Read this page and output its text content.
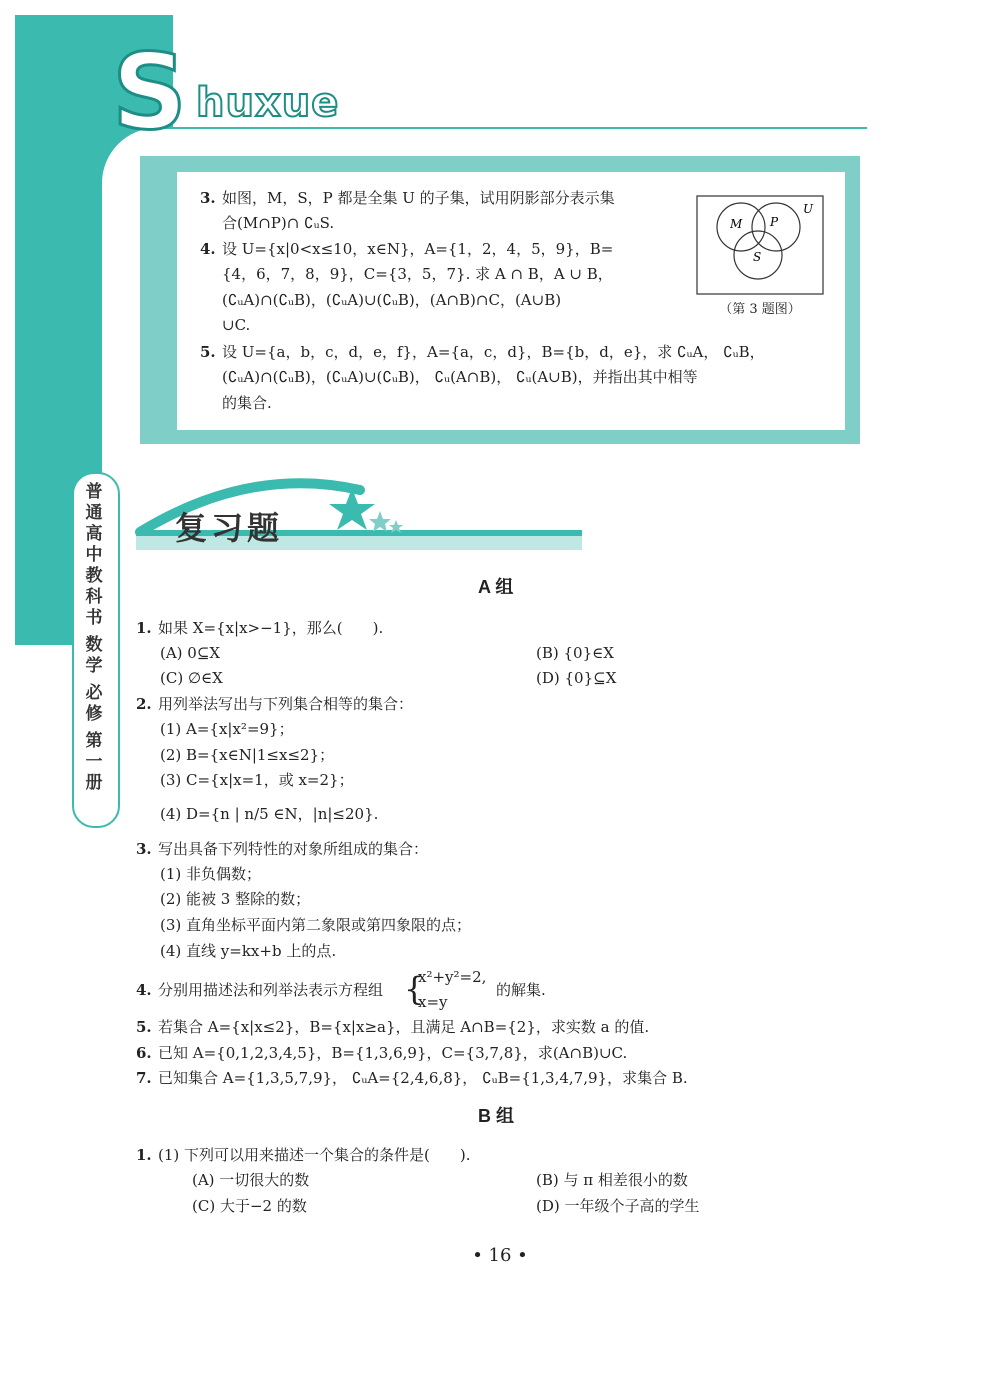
S huxue
3. 如图，M，S，P 都是全集 U 的子集，试用阴影部分表示集
合(M∩P)∩ ∁ᵤS.
4. 设 U={x|0<x≤10，x∈N}，A={1，2，4，5，9}，B=
{4，6，7，8，9}，C={3，5，7}. 求 A ∩ B，A ∪ B，
(∁ᵤA)∩(∁ᵤB)，(∁ᵤA)∪(∁ᵤB)，(A∩B)∩C，(A∪B)
∪C.
5. 设 U={a，b，c，d，e，f}，A={a，c，d}，B={b，d，e}，求 ∁ᵤA， ∁ᵤB，
(∁ᵤA)∩(∁ᵤB)，(∁ᵤA)∪(∁ᵤB)， ∁ᵤ(A∩B)， ∁ᵤ(A∪B)，并指出其中相等
的集合.
U
M P
S
（第 3 题图）
普
通
高
中
教
科
书
数
学
必
修
第
一
册
复习题
A 组
1. 如果 X={x|x>−1}，那么(　　).
(A) 0⊆X	(B) {0}∈X
(C) ∅∈X	(D) {0}⊆X
2. 用列举法写出与下列集合相等的集合：
(1) A={x|x²=9}；
(2) B={x∈N|1≤x≤2}；
(3) C={x|x=1，或 x=2}；
(4) D={n | n/5 ∈N，|n|≤20}.
3. 写出具备下列特性的对象所组成的集合：
(1) 非负偶数；
(2) 能被 3 整除的数；
(3) 直角坐标平面内第二象限或第四象限的点；
(4) 直线 y=kx+b 上的点.
4. 分别用描述法和列举法表示方程组 {
x²+y²=2,
x=y
的解集.
5. 若集合 A={x|x≤2}，B={x|x≥a}，且满足 A∩B={2}，求实数 a 的值.
6. 已知 A={0,1,2,3,4,5}，B={1,3,6,9}，C={3,7,8}，求(A∩B)∪C.
7. 已知集合 A={1,3,5,7,9}， ∁ᵤA={2,4,6,8}， ∁ᵤB={1,3,4,7,9}，求集合 B.
B 组
1. (1) 下列可以用来描述一个集合的条件是(　　).
(A) 一切很大的数	(B) 与 π 相差很小的数
(C) 大于−2 的数	(D) 一年级个子高的学生
• 16 •
